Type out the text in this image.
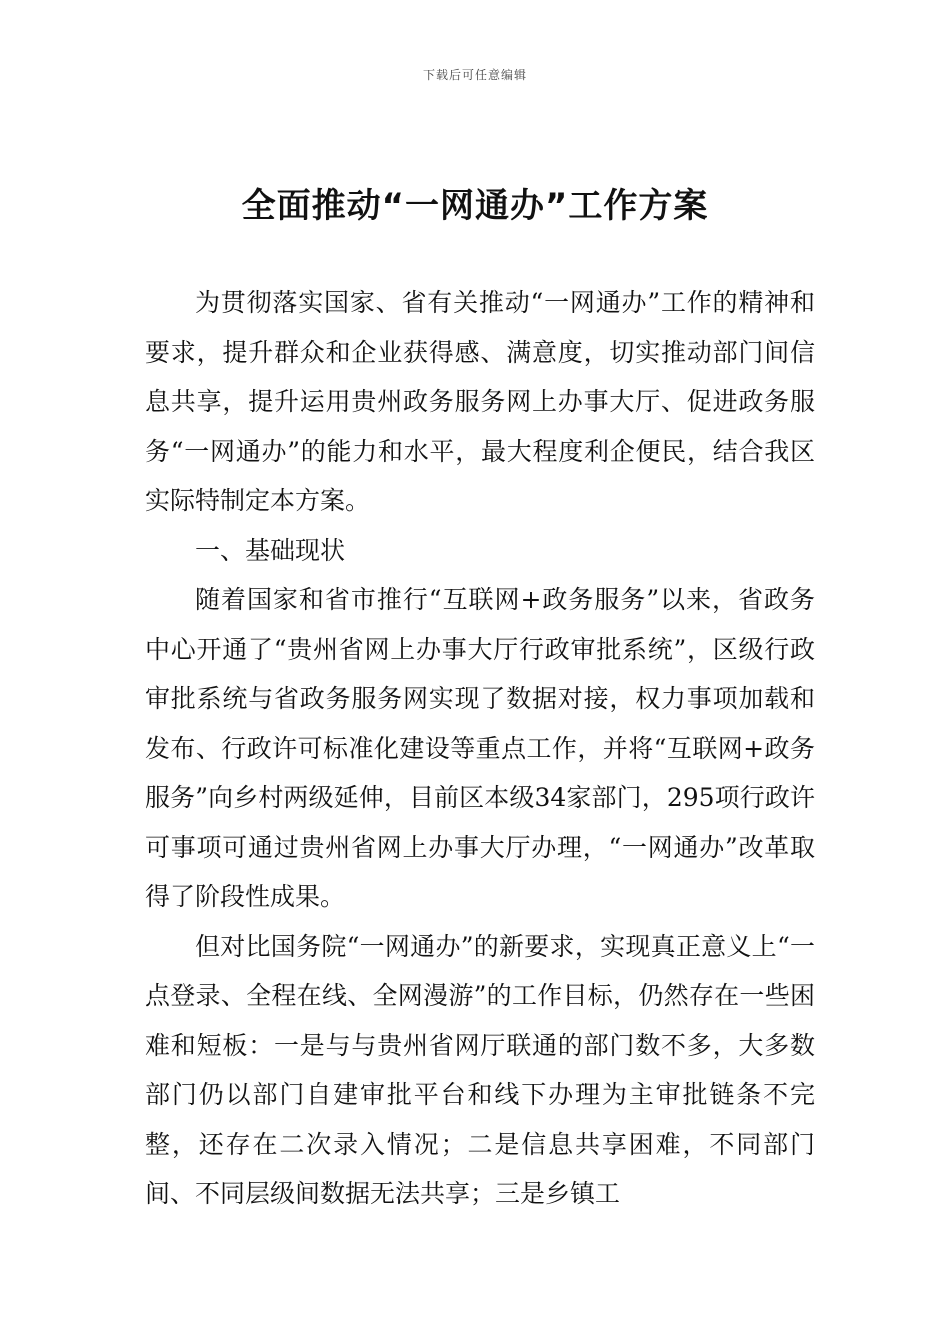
下载后可任意编辑
全面推动“一网通办”工作方案

为贯彻落实国家、省有关推动“一网通办”工作的精神和要求，提升群众和企业获得感、满意度，切实推动部门间信息共享，提升运用贵州政务服务网上办事大厅、促进政务服务“一网通办”的能力和水平，最大程度利企便民，结合我区实际特制定本方案。

一、基础现状

随着国家和省市推行“互联网+政务服务”以来，省政务中心开通了“贵州省网上办事大厅行政审批系统”，区级行政审批系统与省政务服务网实现了数据对接，权力事项加载和发布、行政许可标准化建设等重点工作，并将“互联网+政务服务”向乡村两级延伸，目前区本级34家部门，295项行政许可事项可通过贵州省网上办事大厅办理，“一网通办”改革取得了阶段性成果。

但对比国务院“一网通办”的新要求，实现真正意义上“一点登录、全程在线、全网漫游”的工作目标，仍然存在一些困难和短板：一是与与贵州省网厅联通的部门数不多，大多数部门仍以部门自建审批平台和线下办理为主审批链条不完整，还存在二次录入情况；二是信息共享困难，不同部门间、不同层级间数据无法共享；三是乡镇工
